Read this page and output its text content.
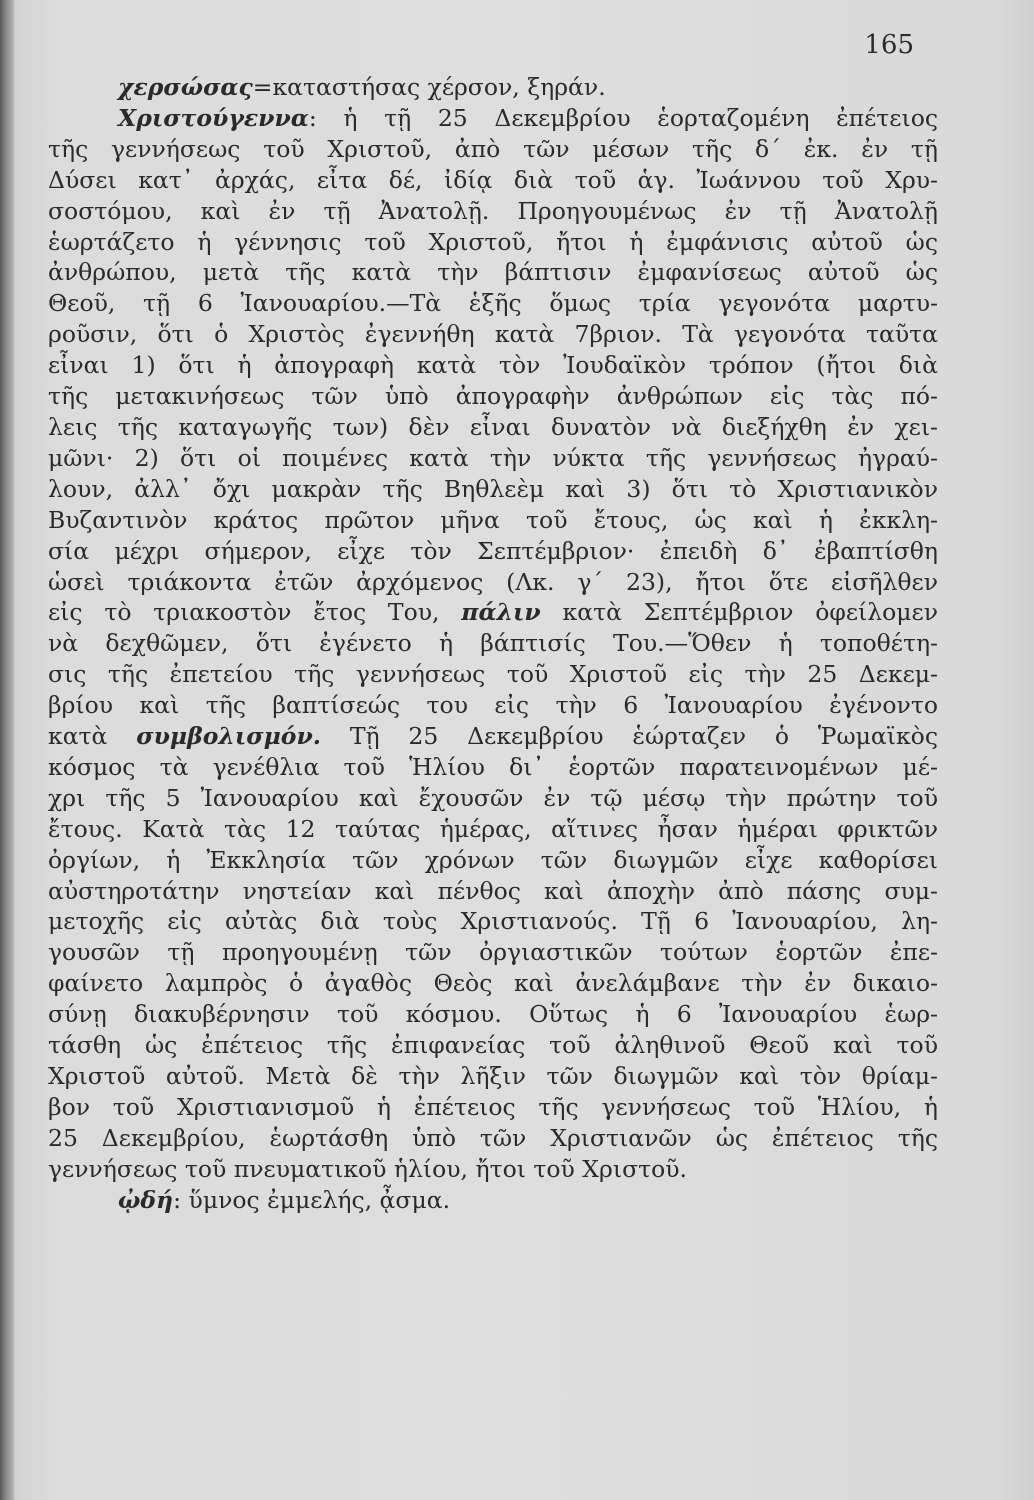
165
χερσώσας=καταστήσας χέρσον, ξηράν.
Χριστούγεννα: ἡ τῇ 25 Δεκεμβρίου ἑορταζομένη ἐπέτειος
τῆς γεννήσεως τοῦ Χριστοῦ, ἀπὸ τῶν μέσων τῆς δ΄ ἐκ. ἐν τῇ
Δύσει κατ᾽ ἀρχάς, εἶτα δέ, ἰδίᾳ διὰ τοῦ ἁγ. Ἰωάννου τοῦ Χρυ-
σοστόμου, καὶ ἐν τῇ Ἀνατολῇ. Προηγουμένως ἐν τῇ Ἀνατολῇ
ἑωρτάζετο ἡ γέννησις τοῦ Χριστοῦ, ἤτοι ἡ ἐμφάνισις αὐτοῦ ὡς
ἀνθρώπου, μετὰ τῆς κατὰ τὴν βάπτισιν ἐμφανίσεως αὐτοῦ ὡς
Θεοῦ, τῇ 6 Ἰανουαρίου.—Τὰ ἑξῆς ὅμως τρία γεγονότα μαρτυ-
ροῦσιν, ὅτι ὁ Χριστὸς ἐγεννήθη κατὰ 7βριον. Τὰ γεγονότα ταῦτα
εἶναι 1) ὅτι ἡ ἀπογραφὴ κατὰ τὸν Ἰουδαϊκὸν τρόπον (ἤτοι διὰ
τῆς μετακινήσεως τῶν ὑπὸ ἀπογραφὴν ἀνθρώπων εἰς τὰς πό-
λεις τῆς καταγωγῆς των) δὲν εἶναι δυνατὸν νὰ διεξήχθη ἐν χει-
μῶνι· 2) ὅτι οἱ ποιμένες κατὰ τὴν νύκτα τῆς γεννήσεως ἠγραύ-
λουν, ἀλλ᾽ ὄχι μακρὰν τῆς Βηθλεὲμ καὶ 3) ὅτι τὸ Χριστιανικὸν
Βυζαντινὸν κράτος πρῶτον μῆνα τοῦ ἔτους, ὡς καὶ ἡ ἐκκλη-
σία μέχρι σήμερον, εἶχε τὸν Σεπτέμβριον· ἐπειδὴ δ᾽ ἐβαπτίσθη
ὡσεὶ τριάκοντα ἐτῶν ἀρχόμενος (Λκ. γ΄ 23), ἤτοι ὅτε εἰσῆλθεν
εἰς τὸ τριακοστὸν ἔτος Του, πάλιν κατὰ Σεπτέμβριον ὀφείλομεν
νὰ δεχθῶμεν, ὅτι ἐγένετο ἡ βάπτισίς Του.—Ὅθεν ἡ τοποθέτη-
σις τῆς ἐπετείου τῆς γεννήσεως τοῦ Χριστοῦ εἰς τὴν 25 Δεκεμ-
βρίου καὶ τῆς βαπτίσεώς του εἰς τὴν 6 Ἰανουαρίου ἐγένοντο
κατὰ συμβολισμόν. Τῇ 25 Δεκεμβρίου ἑώρταζεν ὁ Ῥωμαϊκὸς
κόσμος τὰ γενέθλια τοῦ Ἡλίου δι᾽ ἑορτῶν παρατεινομένων μέ-
χρι τῆς 5 Ἰανουαρίου καὶ ἔχουσῶν ἐν τῷ μέσῳ τὴν πρώτην τοῦ
ἔτους. Κατὰ τὰς 12 ταύτας ἡμέρας, αἵτινες ἦσαν ἡμέραι φρικτῶν
ὀργίων, ἡ Ἐκκλησία τῶν χρόνων τῶν διωγμῶν εἶχε καθορίσει
αὐστηροτάτην νηστείαν καὶ πένθος καὶ ἀποχὴν ἀπὸ πάσης συμ-
μετοχῆς εἰς αὐτὰς διὰ τοὺς Χριστιανούς. Τῇ 6 Ἰανουαρίου, λη-
γουσῶν τῇ προηγουμένῃ τῶν ὀργιαστικῶν τούτων ἑορτῶν ἐπε-
φαίνετο λαμπρὸς ὁ ἀγαθὸς Θεὸς καὶ ἀνελάμβανε τὴν ἐν δικαιο-
σύνῃ διακυβέρνησιν τοῦ κόσμου. Οὕτως ἡ 6 Ἰανουαρίου ἑωρ-
τάσθη ὡς ἐπέτειος τῆς ἐπιφανείας τοῦ ἀληθινοῦ Θεοῦ καὶ τοῦ
Χριστοῦ αὐτοῦ. Μετὰ δὲ τὴν λῆξιν τῶν διωγμῶν καὶ τὸν θρίαμ-
βον τοῦ Χριστιανισμοῦ ἡ ἐπέτειος τῆς γεννήσεως τοῦ Ἡλίου, ἡ
25 Δεκεμβρίου, ἑωρτάσθη ὑπὸ τῶν Χριστιανῶν ὡς ἐπέτειος τῆς
γεννήσεως τοῦ πνευματικοῦ ἡλίου, ἤτοι τοῦ Χριστοῦ.
ᾠδή: ὕμνος ἐμμελής, ᾆσμα.
